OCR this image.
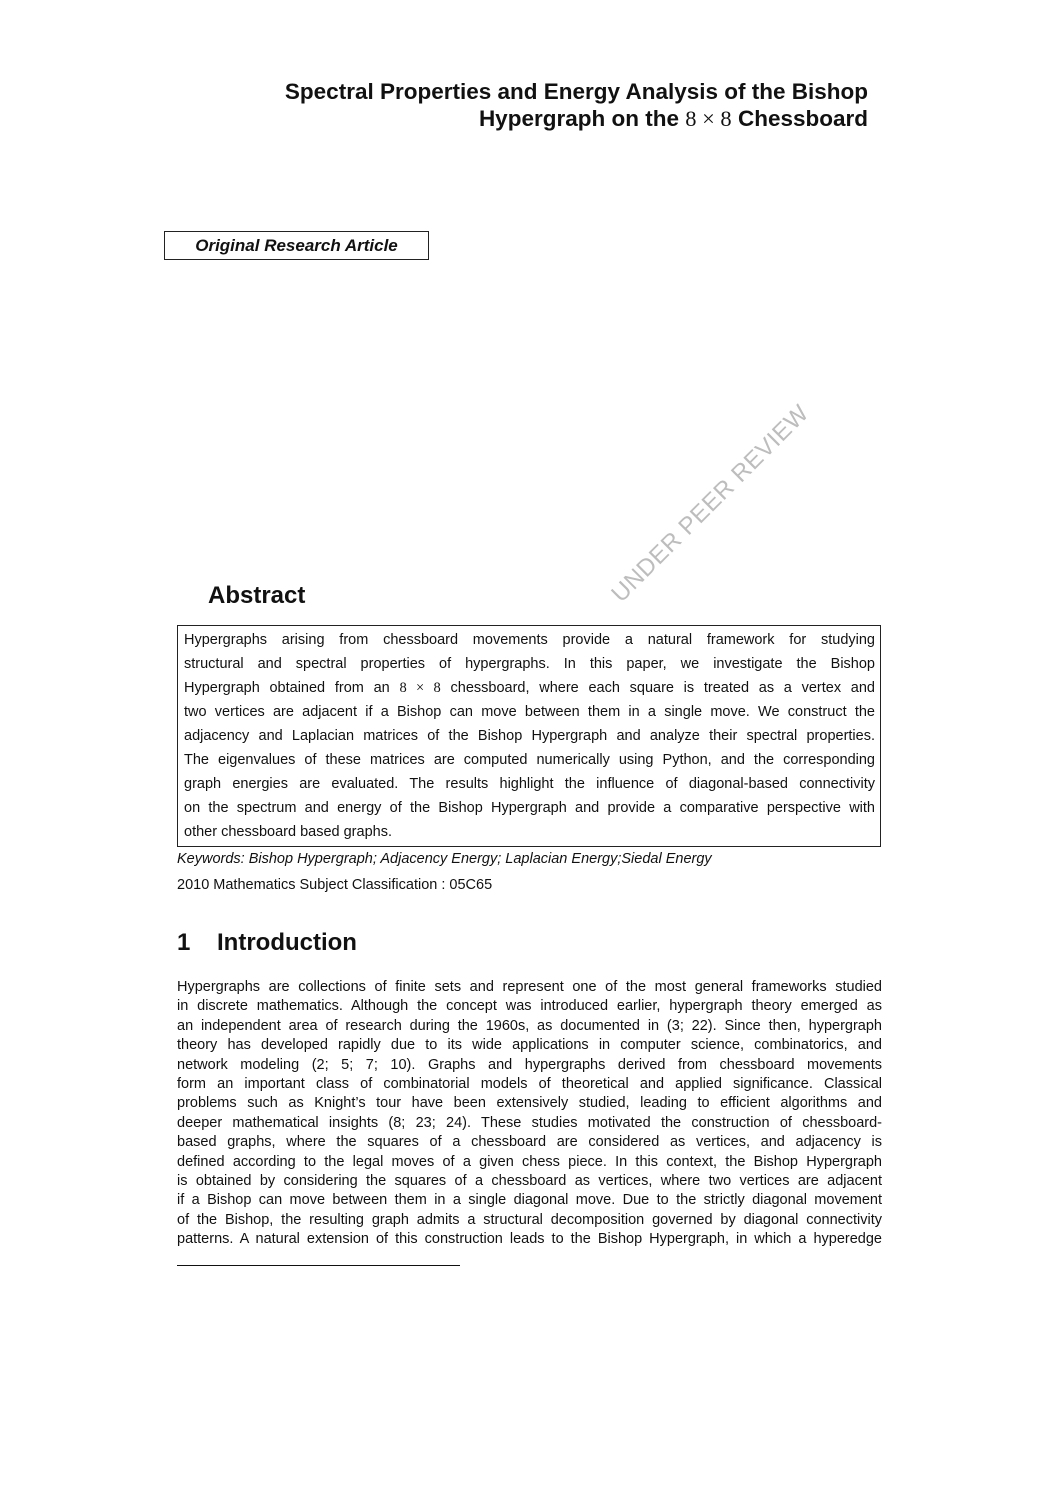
Spectral Properties and Energy Analysis of the Bishop
Hypergraph on the 8 × 8 Chessboard
Original Research Article
UNDER PEER REVIEW
Abstract
Hypergraphs arising from chessboard movements provide a natural framework for studying
structural and spectral properties of hypergraphs. In this paper, we investigate the Bishop
Hypergraph obtained from an 8 × 8 chessboard, where each square is treated as a vertex and
two vertices are adjacent if a Bishop can move between them in a single move. We construct the
adjacency and Laplacian matrices of the Bishop Hypergraph and analyze their spectral properties.
The eigenvalues of these matrices are computed numerically using Python, and the corresponding
graph energies are evaluated. The results highlight the influence of diagonal-based connectivity
on the spectrum and energy of the Bishop Hypergraph and provide a comparative perspective with
other chessboard based graphs.
Keywords: Bishop Hypergraph; Adjacency Energy; Laplacian Energy;Siedal Energy
2010 Mathematics Subject Classification : 05C65
1 Introduction
Hypergraphs are collections of finite sets and represent one of the most general frameworks studied
in discrete mathematics. Although the concept was introduced earlier, hypergraph theory emerged as
an independent area of research during the 1960s, as documented in (3; 22). Since then, hypergraph
theory has developed rapidly due to its wide applications in computer science, combinatorics, and
network modeling (2; 5; 7; 10). Graphs and hypergraphs derived from chessboard movements
form an important class of combinatorial models of theoretical and applied significance. Classical
problems such as Knight’s tour have been extensively studied, leading to efficient algorithms and
deeper mathematical insights (8; 23; 24). These studies motivated the construction of chessboard-
based graphs, where the squares of a chessboard are considered as vertices, and adjacency is
defined according to the legal moves of a given chess piece. In this context, the Bishop Hypergraph
is obtained by considering the squares of a chessboard as vertices, where two vertices are adjacent
if a Bishop can move between them in a single diagonal move. Due to the strictly diagonal movement
of the Bishop, the resulting graph admits a structural decomposition governed by diagonal connectivity
patterns. A natural extension of this construction leads to the Bishop Hypergraph, in which a hyperedge
